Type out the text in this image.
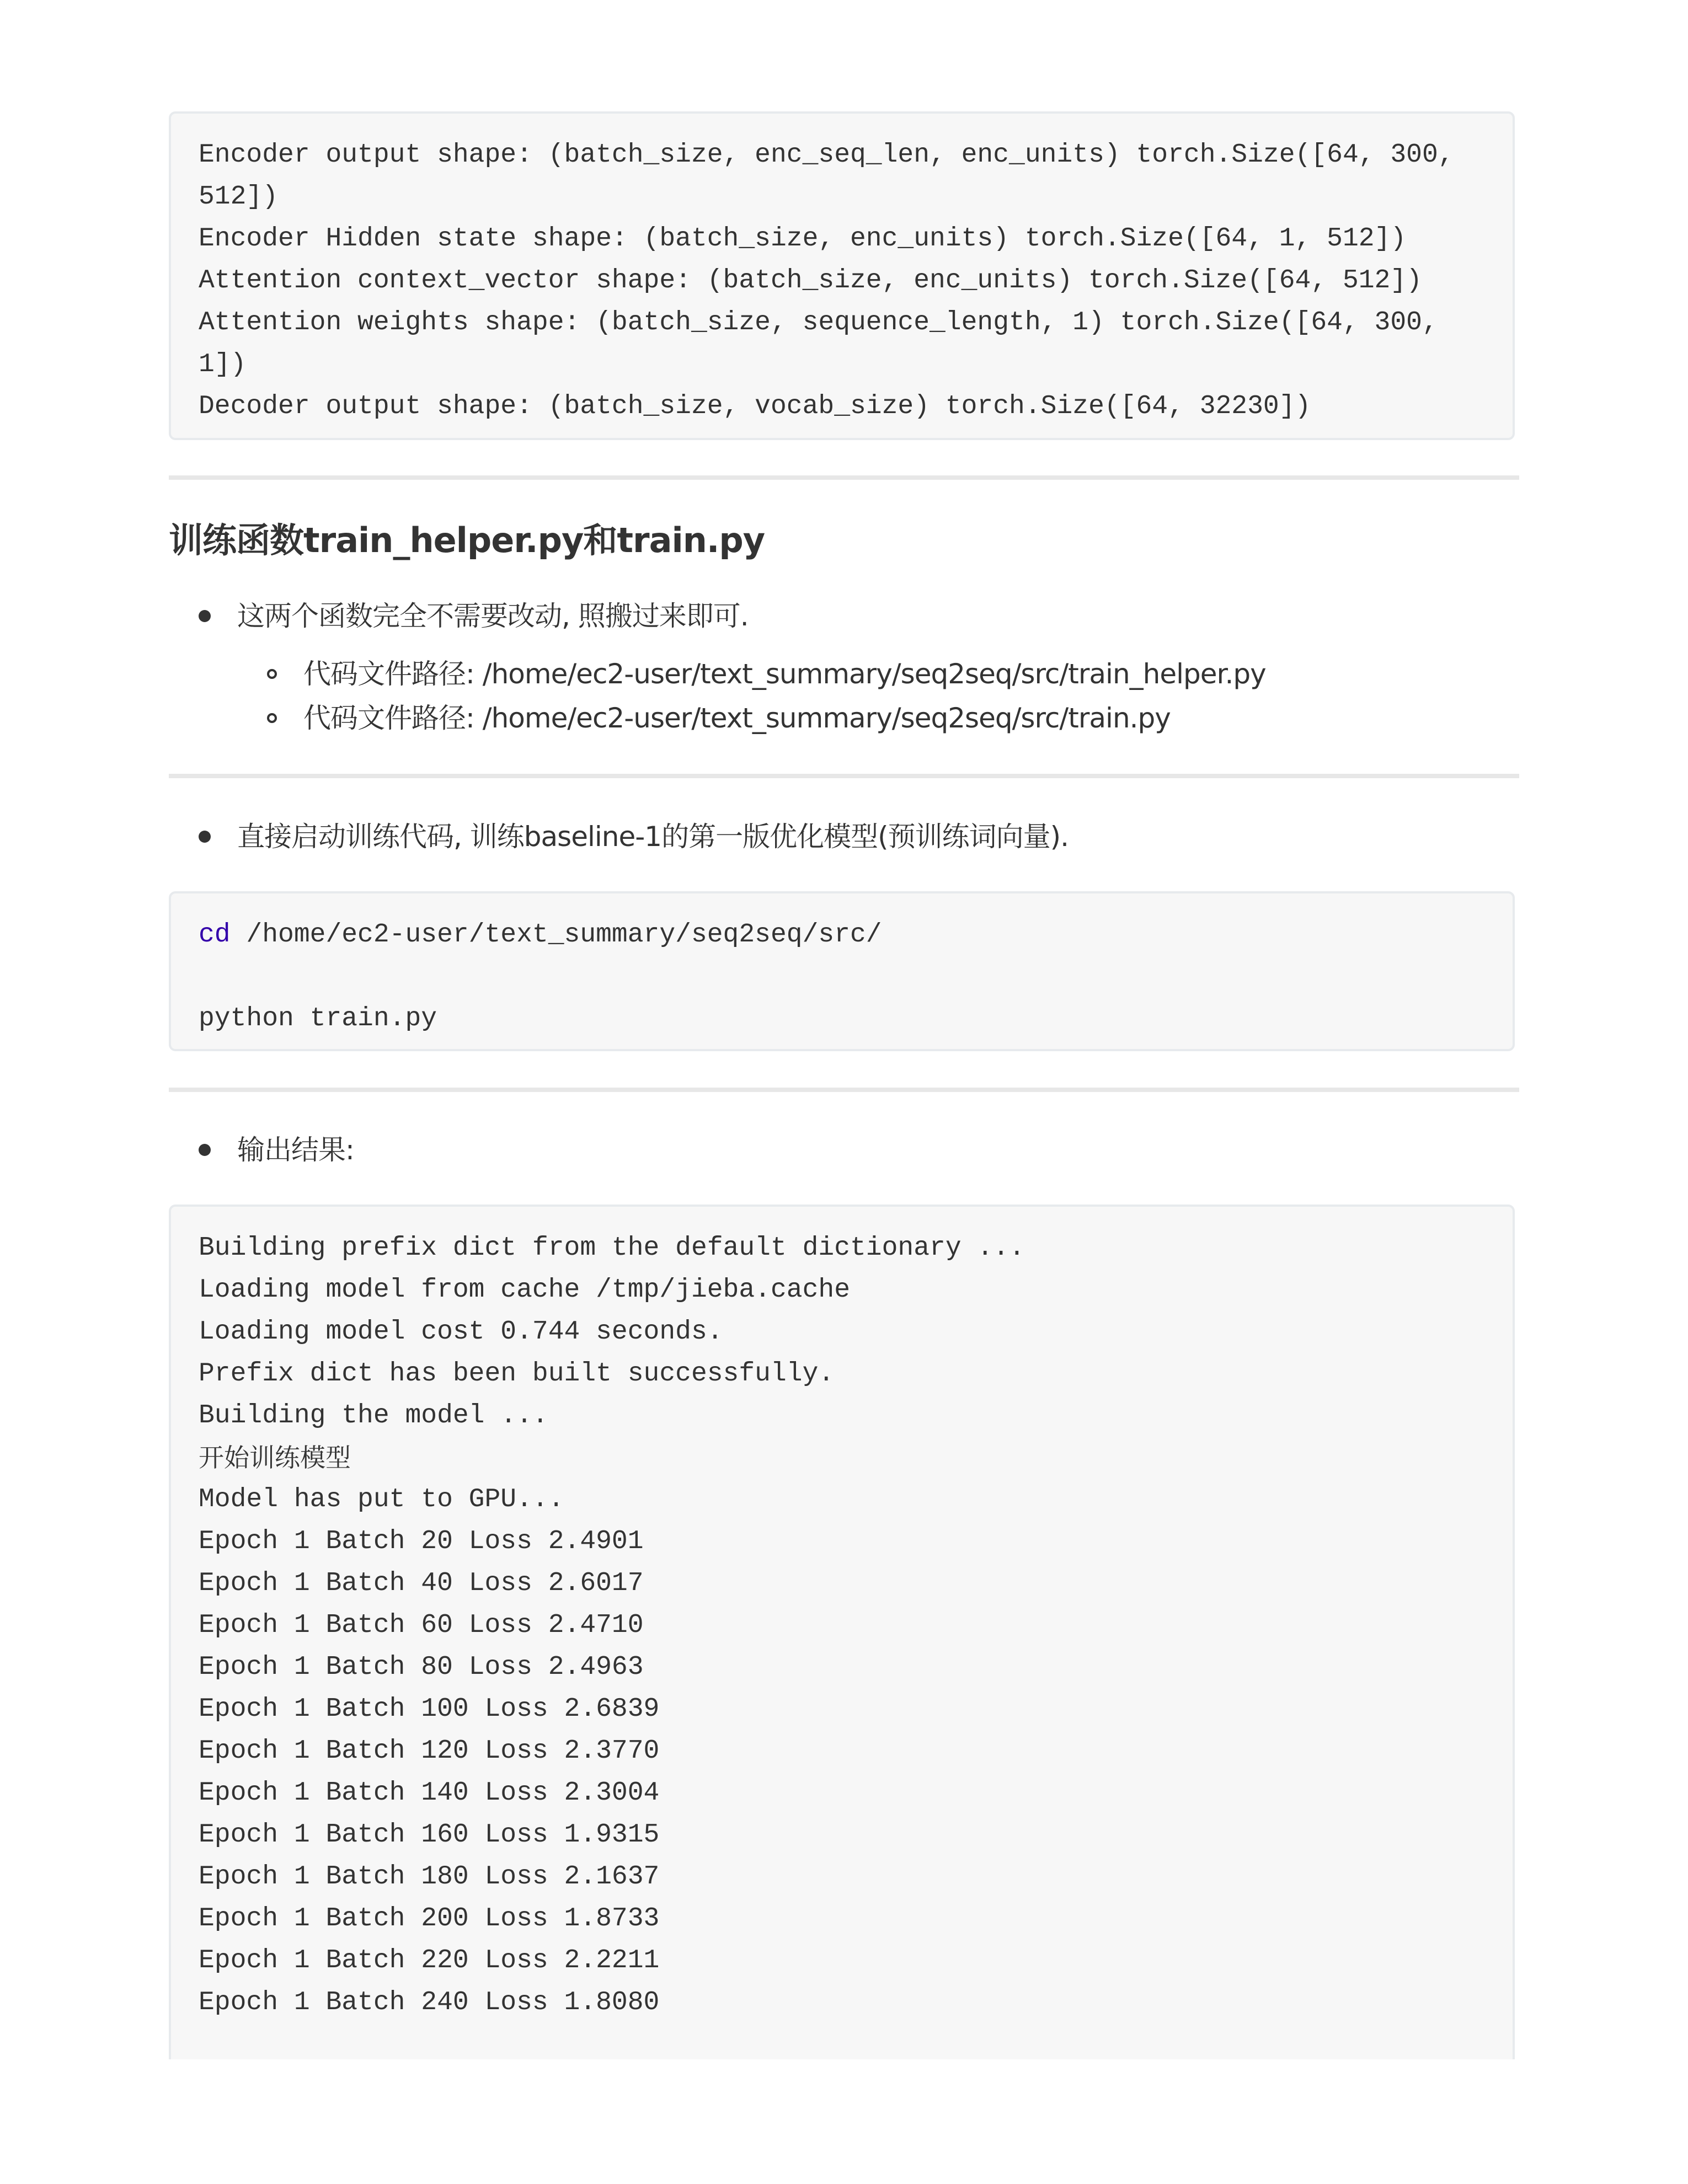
Encoder output shape: (batch_size, enc_seq_len, enc_units) torch.Size([64, 300,
512])
Encoder Hidden state shape: (batch_size, enc_units) torch.Size([64, 1, 512])
Attention context_vector shape: (batch_size, enc_units) torch.Size([64, 512])
Attention weights shape: (batch_size, sequence_length, 1) torch.Size([64, 300,
1])
Decoder output shape: (batch_size, vocab_size) torch.Size([64, 32230])
训练函数train_helper.py和train.py
这两个函数完全不需要改动, 照搬过来即可.
代码文件路径: /home/ec2-user/text_summary/seq2seq/src/train_helper.py
代码文件路径: /home/ec2-user/text_summary/seq2seq/src/train.py
直接启动训练代码, 训练baseline-1的第一版优化模型(预训练词向量).
cd /home/ec2-user/text_summary/seq2seq/src/
python train.py
输出结果:
Building prefix dict from the default dictionary ...
Loading model from cache /tmp/jieba.cache
Loading model cost 0.744 seconds.
Prefix dict has been built successfully.
Building the model ...
开始训练模型
Model has put to GPU...
Epoch 1 Batch 20 Loss 2.4901
Epoch 1 Batch 40 Loss 2.6017
Epoch 1 Batch 60 Loss 2.4710
Epoch 1 Batch 80 Loss 2.4963
Epoch 1 Batch 100 Loss 2.6839
Epoch 1 Batch 120 Loss 2.3770
Epoch 1 Batch 140 Loss 2.3004
Epoch 1 Batch 160 Loss 1.9315
Epoch 1 Batch 180 Loss 2.1637
Epoch 1 Batch 200 Loss 1.8733
Epoch 1 Batch 220 Loss 2.2211
Epoch 1 Batch 240 Loss 1.8080
